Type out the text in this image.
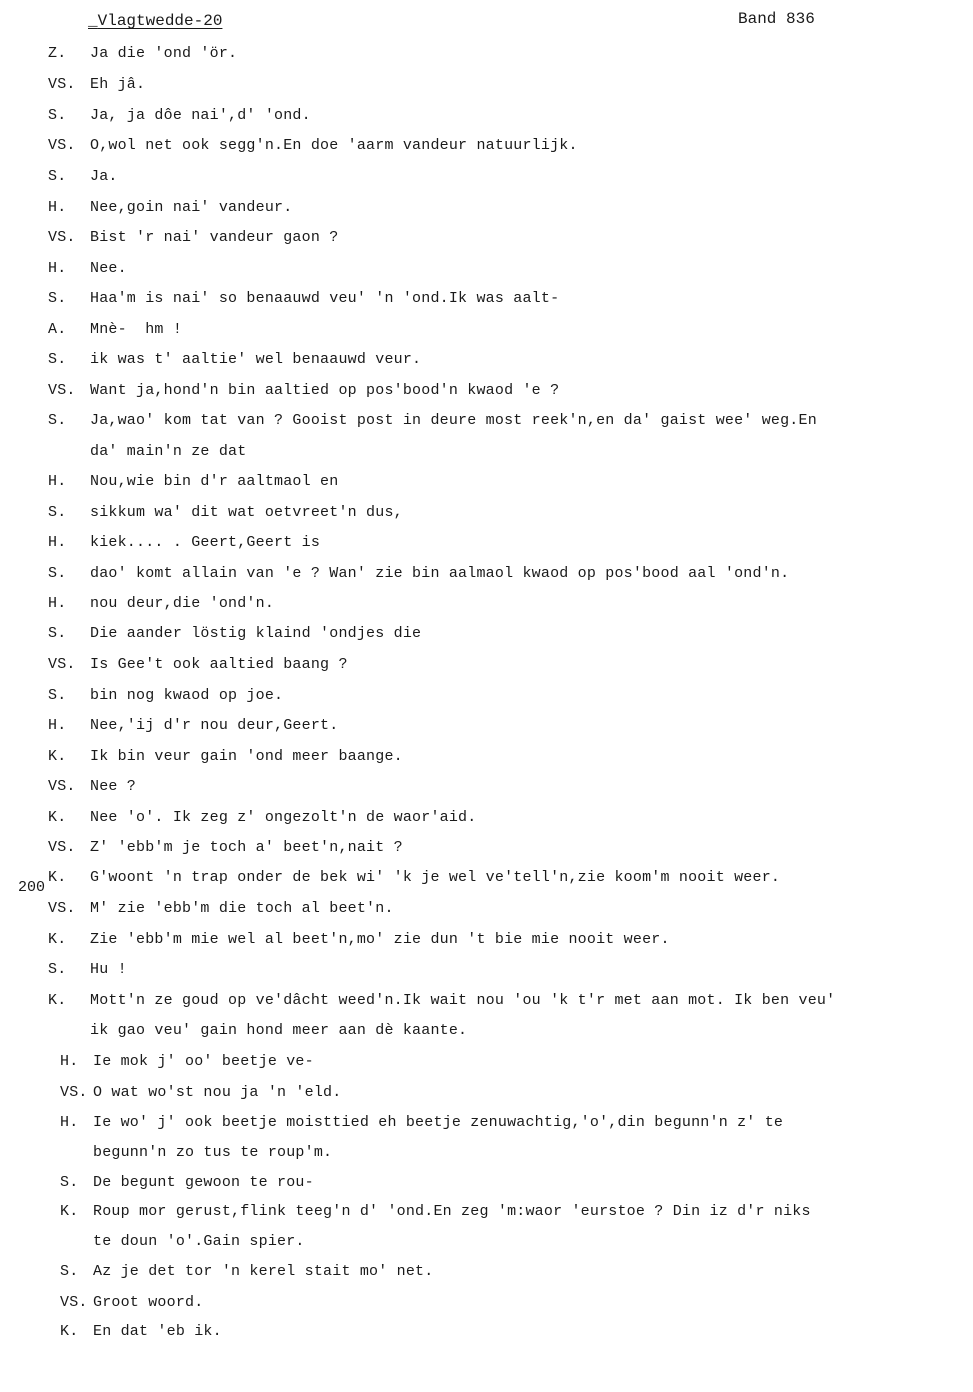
_ Vlagtwedde-20	Band 836
200
Z. Ja die 'ond 'ör.
VS. Eh jâ.
S. Ja, ja dôe nai',d' 'ond.
VS. O,wol net ook segg'n.En doe 'aarm vandeur natuurlijk.
S. Ja.
H. Nee,goin nai' vandeur.
VS. Bist 'r nai' vandeur gaon ?
H. Nee.
S. Haa'm is nai' so benaauwd veu' 'n 'ond.Ik was aalt-
A. Mnè-  hm !
S. ik was t' aaltie' wel benaauwd veur.
VS. Want ja,hond'n bin aaltied op pos'bood'n kwaod 'e ?
S. Ja,wao' kom tat van ? Gooist post in deure most reek'n,en da' gaist wee' weg.En
da' main'n ze dat
H. Nou,wie bin d'r aaltmaol en
S. sikkum wa' dit wat oetvreet'n dus,
H. kiek.... . Geert,Geert is
S. dao' komt allain van 'e ? Wan' zie bin aalmaol kwaod op pos'bood aal 'ond'n.
H. nou deur,die 'ond'n.
S. Die aander löstig klaind 'ondjes die
VS. Is Gee't ook aaltied baang ?
S. bin nog kwaod op joe.
H. Nee,'ij d'r nou deur,Geert.
K. Ik bin veur gain 'ond meer baange.
VS. Nee ?
K. Nee 'o'. Ik zeg z' ongezolt'n de waor'aid.
VS. Z' 'ebb'm je toch a' beet'n,nait ?
K. G'woont 'n trap onder de bek wi' 'k je wel ve'tell'n,zie koom'm nooit weer.
VS. M' zie 'ebb'm die toch al beet'n.
K. Zie 'ebb'm mie wel al beet'n,mo' zie dun 't bie mie nooit weer.
S. Hu !
K. Mott'n ze goud op ve'dâcht weed'n.Ik wait nou 'ou 'k t'r met aan mot. Ik ben veu'
ik gao veu' gain hond meer aan dè kaante.
H. Ie mok j' oo' beetje ve-
VS. O wat wo'st nou ja 'n 'eld.
H. Ie wo' j' ook beetje moisttied eh beetje zenuwachtig,'o',din begunn'n z' te
begunn'n zo tus te roup'm.
S. De begunt gewoon te rou-
K. Roup mor gerust,flink teeg'n d' 'ond.En zeg 'm:waor 'eurstoe ? Din iz d'r niks
te doun 'o'.Gain spier.
S. Az je det tor 'n kerel stait mo' net.
VS. Groot woord.
K. En dat 'eb ik.
